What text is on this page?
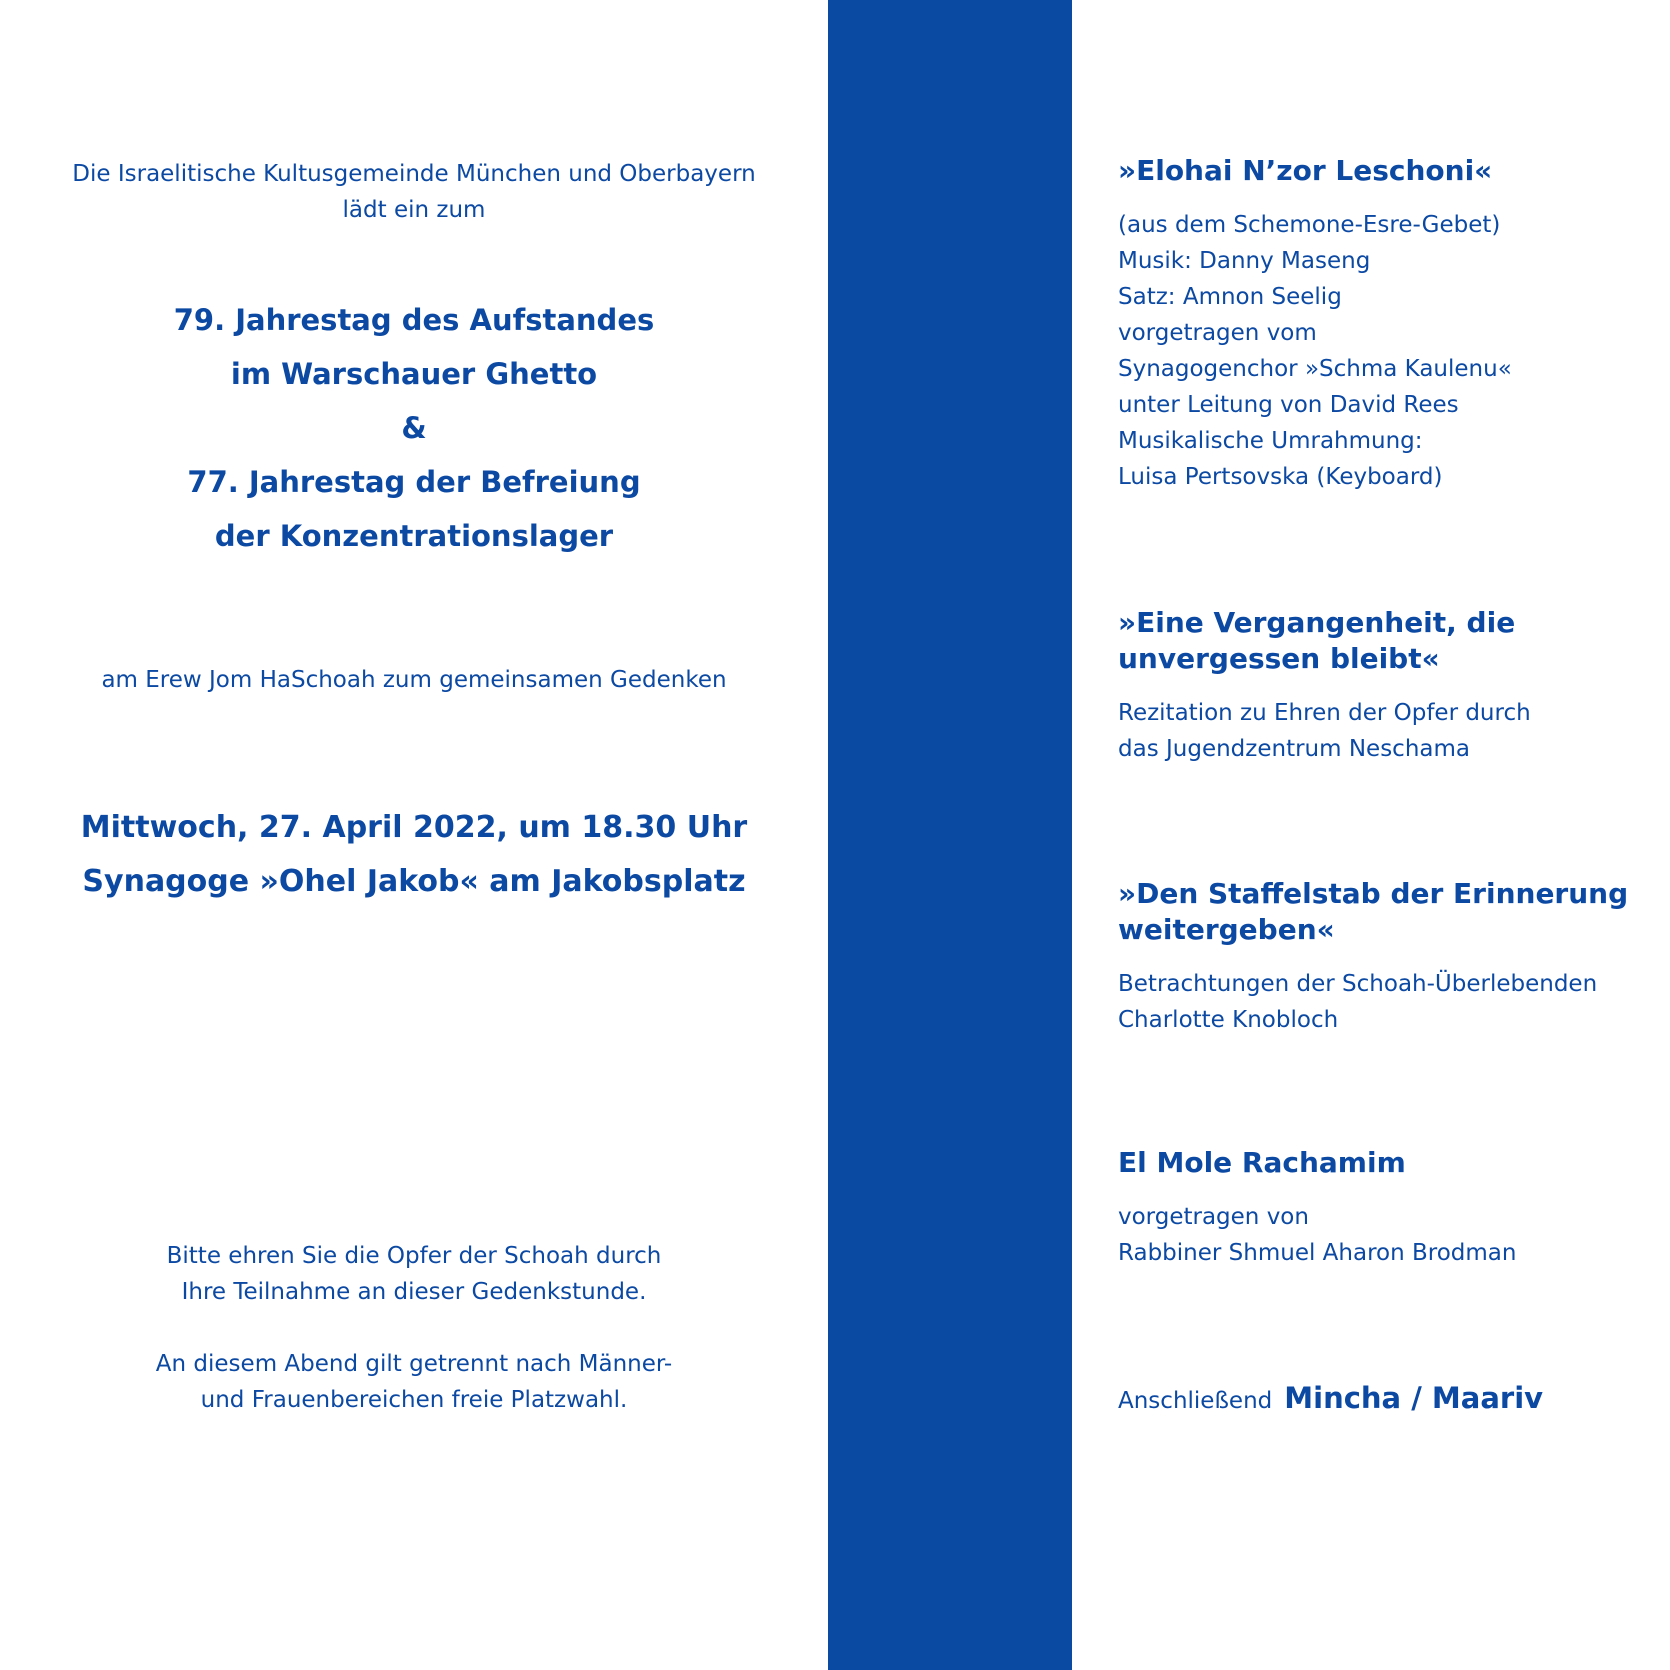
Die Israelitische Kultusgemeinde München und Oberbayern
lädt ein zum
79. Jahrestag des Aufstandes
im Warschauer Ghetto
&
77. Jahrestag der Befreiung
der Konzentrationslager
am Erew Jom HaSchoah zum gemeinsamen Gedenken
Mittwoch, 27. April 2022, um 18.30 Uhr
Synagoge »Ohel Jakob« am Jakobsplatz

Bitte ehren Sie die Opfer der Schoah durch
Ihre Teilnahme an dieser Gedenkstunde.

An diesem Abend gilt getrennt nach Männer-
und Frauenbereichen freie Platzwahl.

»Elohai N’zor Leschoni«
(aus dem Schemone-Esre-Gebet)
Musik: Danny Maseng
Satz: Amnon Seelig
vorgetragen vom
Synagogenchor »Schma Kaulenu«
unter Leitung von David Rees
Musikalische Umrahmung:
Luisa Pertsovska (Keyboard)
»Eine Vergangenheit, die
unvergessen bleibt«
Rezitation zu Ehren der Opfer durch
das Jugendzentrum Neschama
»Den Staffelstab der Erinnerung
weitergeben«
Betrachtungen der Schoah-Überlebenden
Charlotte Knobloch
El Mole Rachamim
vorgetragen von
Rabbiner Shmuel Aharon Brodman
Anschließend Mincha / Maariv
